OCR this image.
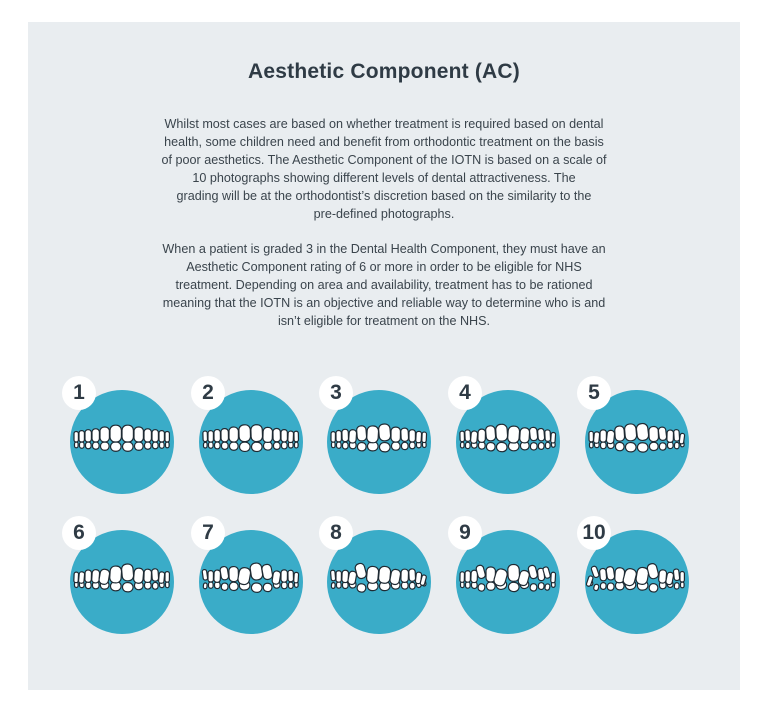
Aesthetic Component (AC)
Whilst most cases are based on whether treatment is required based on dental
health, some children need and benefit from orthodontic treatment on the basis
of poor aesthetics. The Aesthetic Component of the IOTN is based on a scale of
10 photographs showing different levels of dental attractiveness. The
grading will be at the orthodontist’s discretion based on the similarity to the
pre-defined photographs.
When a patient is graded 3 in the Dental Health Component, they must have an
Aesthetic Component rating of 6 or more in order to be eligible for NHS
treatment. Depending on area and availability, treatment has to be rationed
meaning that the IOTN is an objective and reliable way to determine who is and
isn’t eligible for treatment on the NHS.
1	2	3	4	5
6	7	8	9	10
